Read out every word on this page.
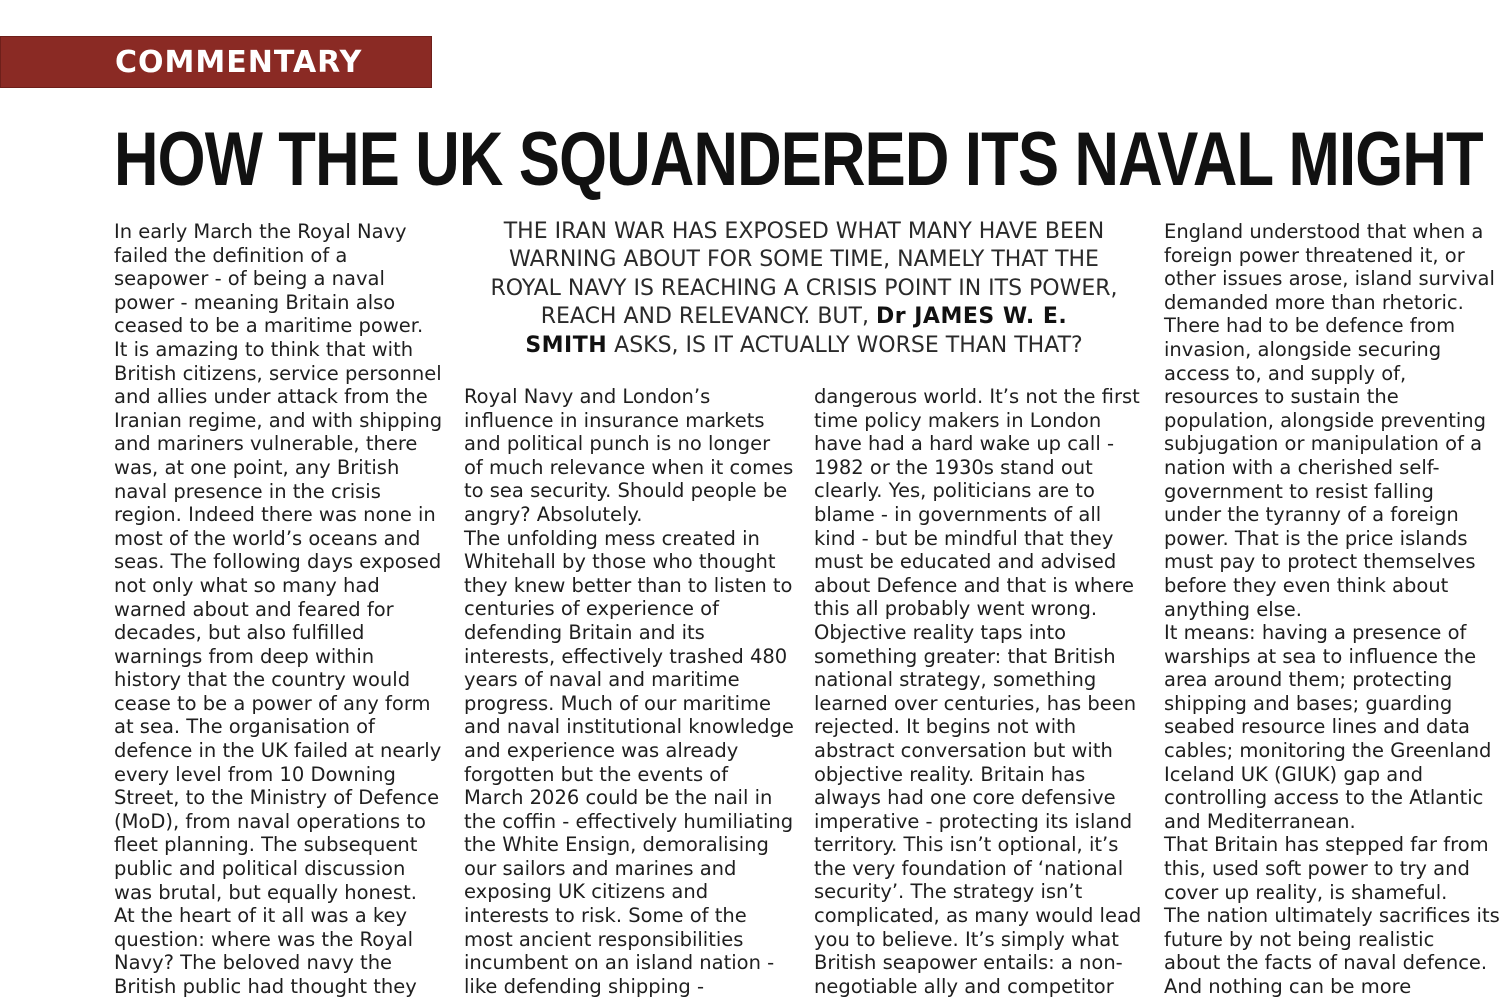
COMMENTARY
HOW THE UK SQUANDERED ITS NAVAL MIGHT
THE IRAN WAR HAS EXPOSED WHAT MANY HAVE BEEN
WARNING ABOUT FOR SOME TIME, NAMELY THAT THE
ROYAL NAVY IS REACHING A CRISIS POINT IN ITS POWER,
REACH AND RELEVANCY. BUT, Dr JAMES W. E.
SMITH ASKS, IS IT ACTUALLY WORSE THAN THAT?
In early March the Royal Navy
failed the definition of a
seapower - of being a naval
power - meaning Britain also
ceased to be a maritime power.
It is amazing to think that with
British citizens, service personnel
and allies under attack from the
Iranian regime, and with shipping
and mariners vulnerable, there
was, at one point, any British
naval presence in the crisis
region. Indeed there was none in
most of the world’s oceans and
seas. The following days exposed
not only what so many had
warned about and feared for
decades, but also fulfilled
warnings from deep within
history that the country would
cease to be a power of any form
at sea. The organisation of
defence in the UK failed at nearly
every level from 10 Downing
Street, to the Ministry of Defence
(MoD), from naval operations to
fleet planning. The subsequent
public and political discussion
was brutal, but equally honest.
At the heart of it all was a key
question: where was the Royal
Navy? The beloved navy the
British public had thought they
Royal Navy and London’s
influence in insurance markets
and political punch is no longer
of much relevance when it comes
to sea security. Should people be
angry? Absolutely.
The unfolding mess created in
Whitehall by those who thought
they knew better than to listen to
centuries of experience of
defending Britain and its
interests, effectively trashed 480
years of naval and maritime
progress. Much of our maritime
and naval institutional knowledge
and experience was already
forgotten but the events of
March 2026 could be the nail in
the coffin - effectively humiliating
the White Ensign, demoralising
our sailors and marines and
exposing UK citizens and
interests to risk. Some of the
most ancient responsibilities
incumbent on an island nation -
like defending shipping -
dangerous world. It’s not the first
time policy makers in London
have had a hard wake up call -
1982 or the 1930s stand out
clearly. Yes, politicians are to
blame - in governments of all
kind - but be mindful that they
must be educated and advised
about Defence and that is where
this all probably went wrong.
Objective reality taps into
something greater: that British
national strategy, something
learned over centuries, has been
rejected. It begins not with
abstract conversation but with
objective reality. Britain has
always had one core defensive
imperative - protecting its island
territory. This isn’t optional, it’s
the very foundation of ‘national
security’. The strategy isn’t
complicated, as many would lead
you to believe. It’s simply what
British seapower entails: a non-
negotiable ally and competitor
England understood that when a
foreign power threatened it, or
other issues arose, island survival
demanded more than rhetoric.
There had to be defence from
invasion, alongside securing
access to, and supply of,
resources to sustain the
population, alongside preventing
subjugation or manipulation of a
nation with a cherished self-
government to resist falling
under the tyranny of a foreign
power. That is the price islands
must pay to protect themselves
before they even think about
anything else.
It means: having a presence of
warships at sea to influence the
area around them; protecting
shipping and bases; guarding
seabed resource lines and data
cables; monitoring the Greenland
Iceland UK (GIUK) gap and
controlling access to the Atlantic
and Mediterranean.
That Britain has stepped far from
this, used soft power to try and
cover up reality, is shameful.
The nation ultimately sacrifices its
future by not being realistic
about the facts of naval defence.
And nothing can be more
